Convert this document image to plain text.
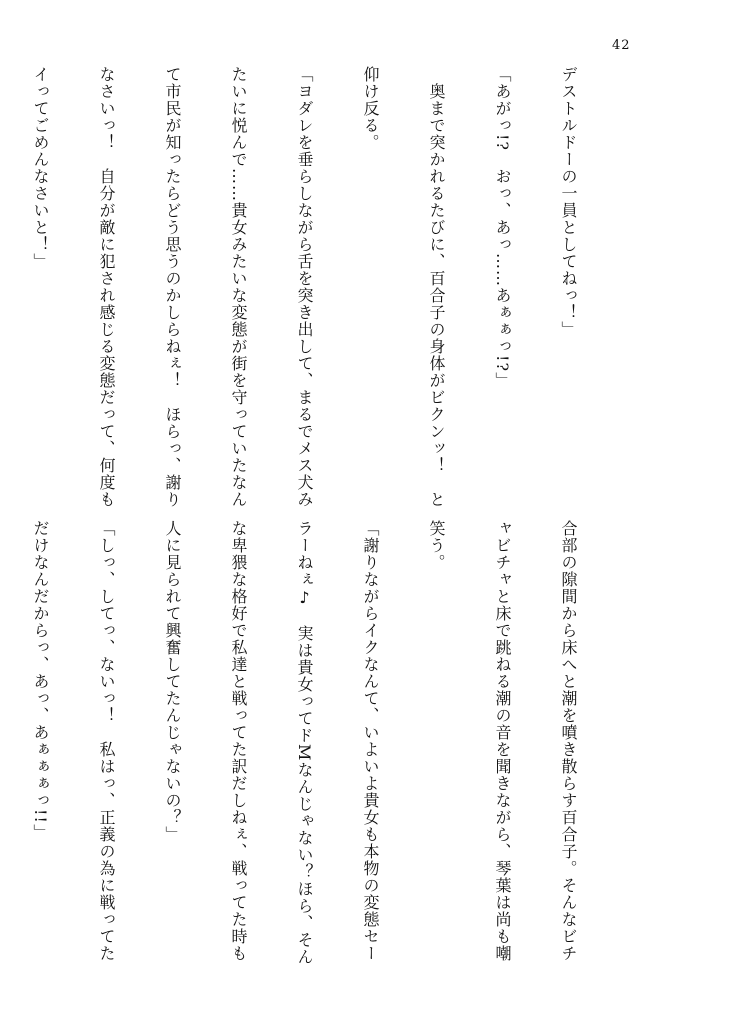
42

デストルドーの一員としてねっ！」

「あがっ!?　おっ、あっ……あぁぁっ!?」

　奥まで突かれるたびに、百合子の身体がビクンッ！　と

仰け反る。

「ヨダレを垂らしながら舌を突き出して、まるでメス犬み

たいに悦んで……貴女みたいな変態が街を守っていたなん

て市民が知ったらどう思うのかしらねぇ！　ほらっ、謝り

なさいっ！　自分が敵に犯され感じる変態だって、何度も

イってごめんなさいと！」

合部の隙間から床へと潮を噴き散らす百合子。そんなビチ

ャビチャと床で跳ねる潮の音を聞きながら、琴葉は尚も嘲

笑う。

「謝りながらイクなんて、いよいよ貴女も本物の変態セー

ラーねぇ♪　実は貴女ってドMなんじゃない？ほら、そん

な卑猥な格好で私達と戦ってた訳だしねぇ、戦ってた時も

人に見られて興奮してたんじゃないの？」

「しっ、してっ、ないっ！　私はっ、正義の為に戦ってた

だけなんだからっ、あっ、あぁぁぁっ!!」
